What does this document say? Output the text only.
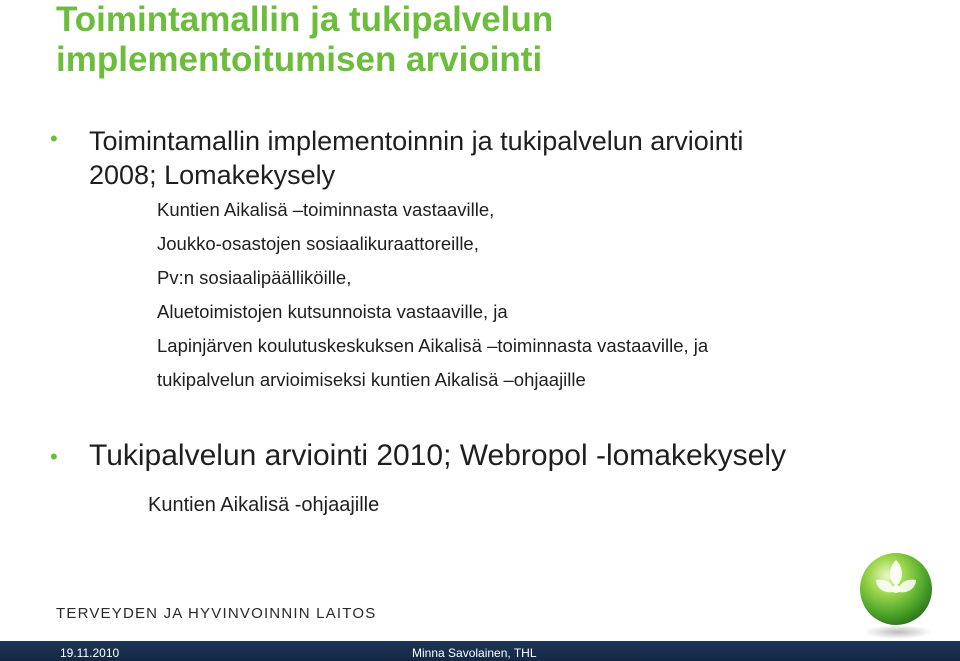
Toimintamallin ja tukipalvelun
implementoitumisen arviointi
• Toimintamallin implementoinnin ja tukipalvelun arviointi
2008; Lomakekysely
Kuntien Aikalisä –toiminnasta vastaaville,
Joukko-osastojen sosiaalikuraattoreille,
Pv:n sosiaalipäälliköille,
Aluetoimistojen kutsunnoista vastaaville, ja
Lapinjärven koulutuskeskuksen Aikalisä –toiminnasta vastaaville, ja
tukipalvelun arvioimiseksi kuntien Aikalisä –ohjaajille
• Tukipalvelun arviointi 2010; Webropol -lomakekysely
Kuntien Aikalisä -ohjaajille
TERVEYDEN JA HYVINVOINNIN LAITOS
19.11.2010	Minna Savolainen, THL
